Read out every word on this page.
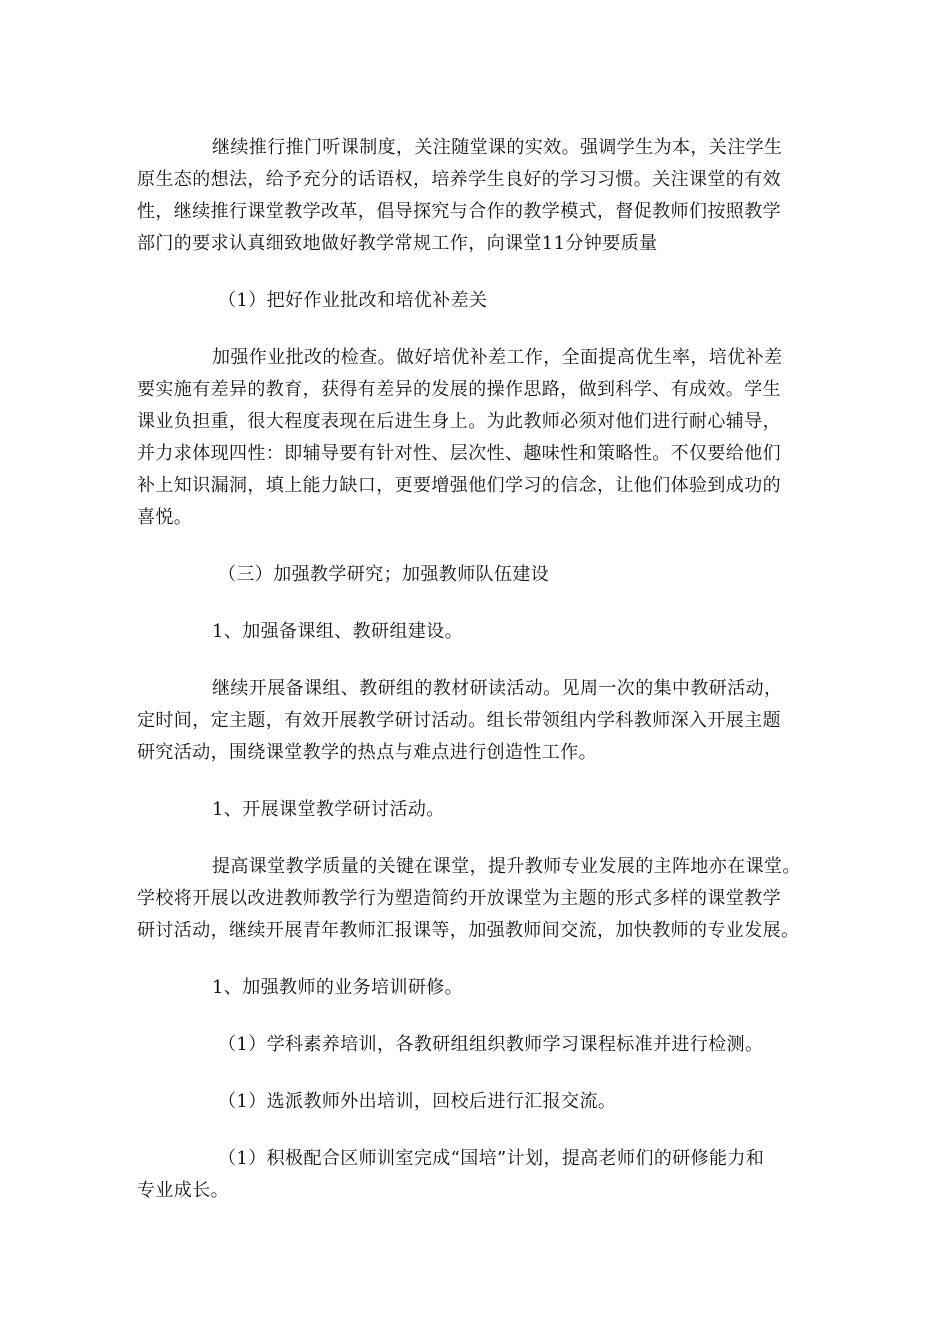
继续推行推门听课制度，关注随堂课的实效。强调学生为本，关注学生
原生态的想法，给予充分的话语权，培养学生良好的学习习惯。关注课堂的有效
性，继续推行课堂教学改革，倡导探究与合作的教学模式，督促教师们按照教学
部门的要求认真细致地做好教学常规工作，向课堂11分钟要质量
（1）把好作业批改和培优补差关
加强作业批改的检查。做好培优补差工作，全面提高优生率，培优补差
要实施有差异的教育，获得有差异的发展的操作思路，做到科学、有成效。学生
课业负担重，很大程度表现在后进生身上。为此教师必须对他们进行耐心辅导，
并力求体现四性：即辅导要有针对性、层次性、趣味性和策略性。不仅要给他们
补上知识漏洞，填上能力缺口，更要增强他们学习的信念，让他们体验到成功的
喜悦。
（三）加强教学研究；加强教师队伍建设
1、加强备课组、教研组建设。
继续开展备课组、教研组的教材研读活动。见周一次的集中教研活动，
定时间，定主题，有效开展教学研讨活动。组长带领组内学科教师深入开展主题
研究活动，围绕课堂教学的热点与难点进行创造性工作。
1、开展课堂教学研讨活动。
提高课堂教学质量的关键在课堂，提升教师专业发展的主阵地亦在课堂。
学校将开展以改进教师教学行为塑造简约开放课堂为主题的形式多样的课堂教学
研讨活动，继续开展青年教师汇报课等，加强教师间交流，加快教师的专业发展。
1、加强教师的业务培训研修。
（1）学科素养培训，各教研组组织教师学习课程标准并进行检测。
（1）选派教师外出培训，回校后进行汇报交流。
（1）积极配合区师训室完成“国培”计划，提高老师们的研修能力和
专业成长。
